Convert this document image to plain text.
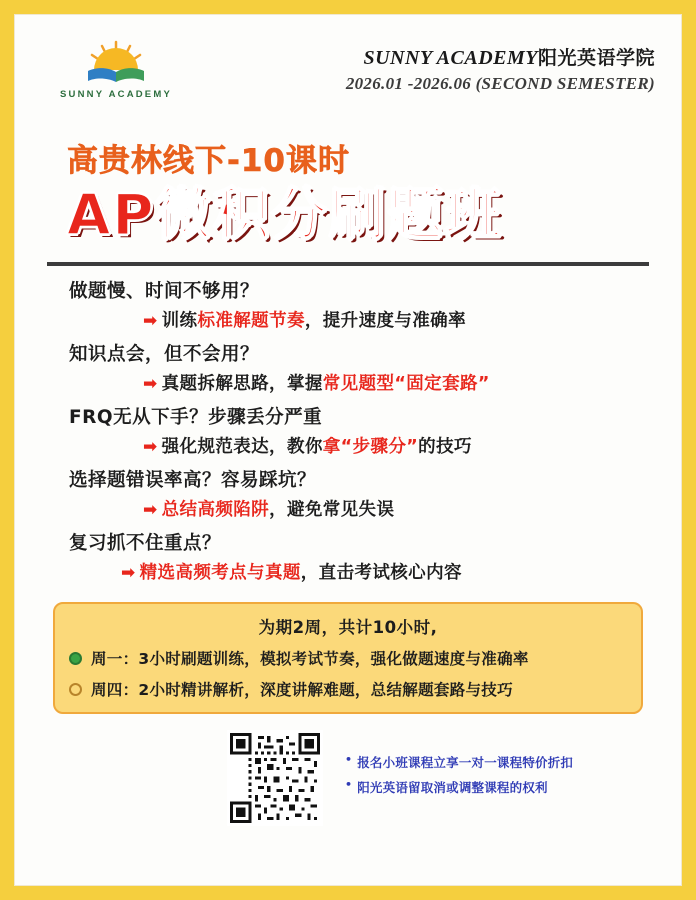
SUNNY ACADEMY
SUNNY ACADEMY阳光英语学院
2026.01 -2026.06 (SECOND SEMESTER)
高贵林线下-10课时
AP微积分刷题班
做题慢、时间不够用？
➡ 训练标准解题节奏，提升速度与准确率
知识点会，但不会用？
➡ 真题拆解思路，掌握常见题型“固定套路”
FRQ无从下手？步骤丢分严重
➡ 强化规范表达，教你拿“步骤分”的技巧
选择题错误率高？容易踩坑？
➡ 总结高频陷阱，避免常见失误
复习抓不住重点？
➡ 精选高频考点与真题，直击考试核心内容
为期2周，共计10小时,
周一：3小时刷题训练，模拟考试节奏，强化做题速度与准确率
周四：2小时精讲解析，深度讲解难题，总结解题套路与技巧
• 报名小班课程立享一对一课程特价折扣
• 阳光英语留取消或调整课程的权利
